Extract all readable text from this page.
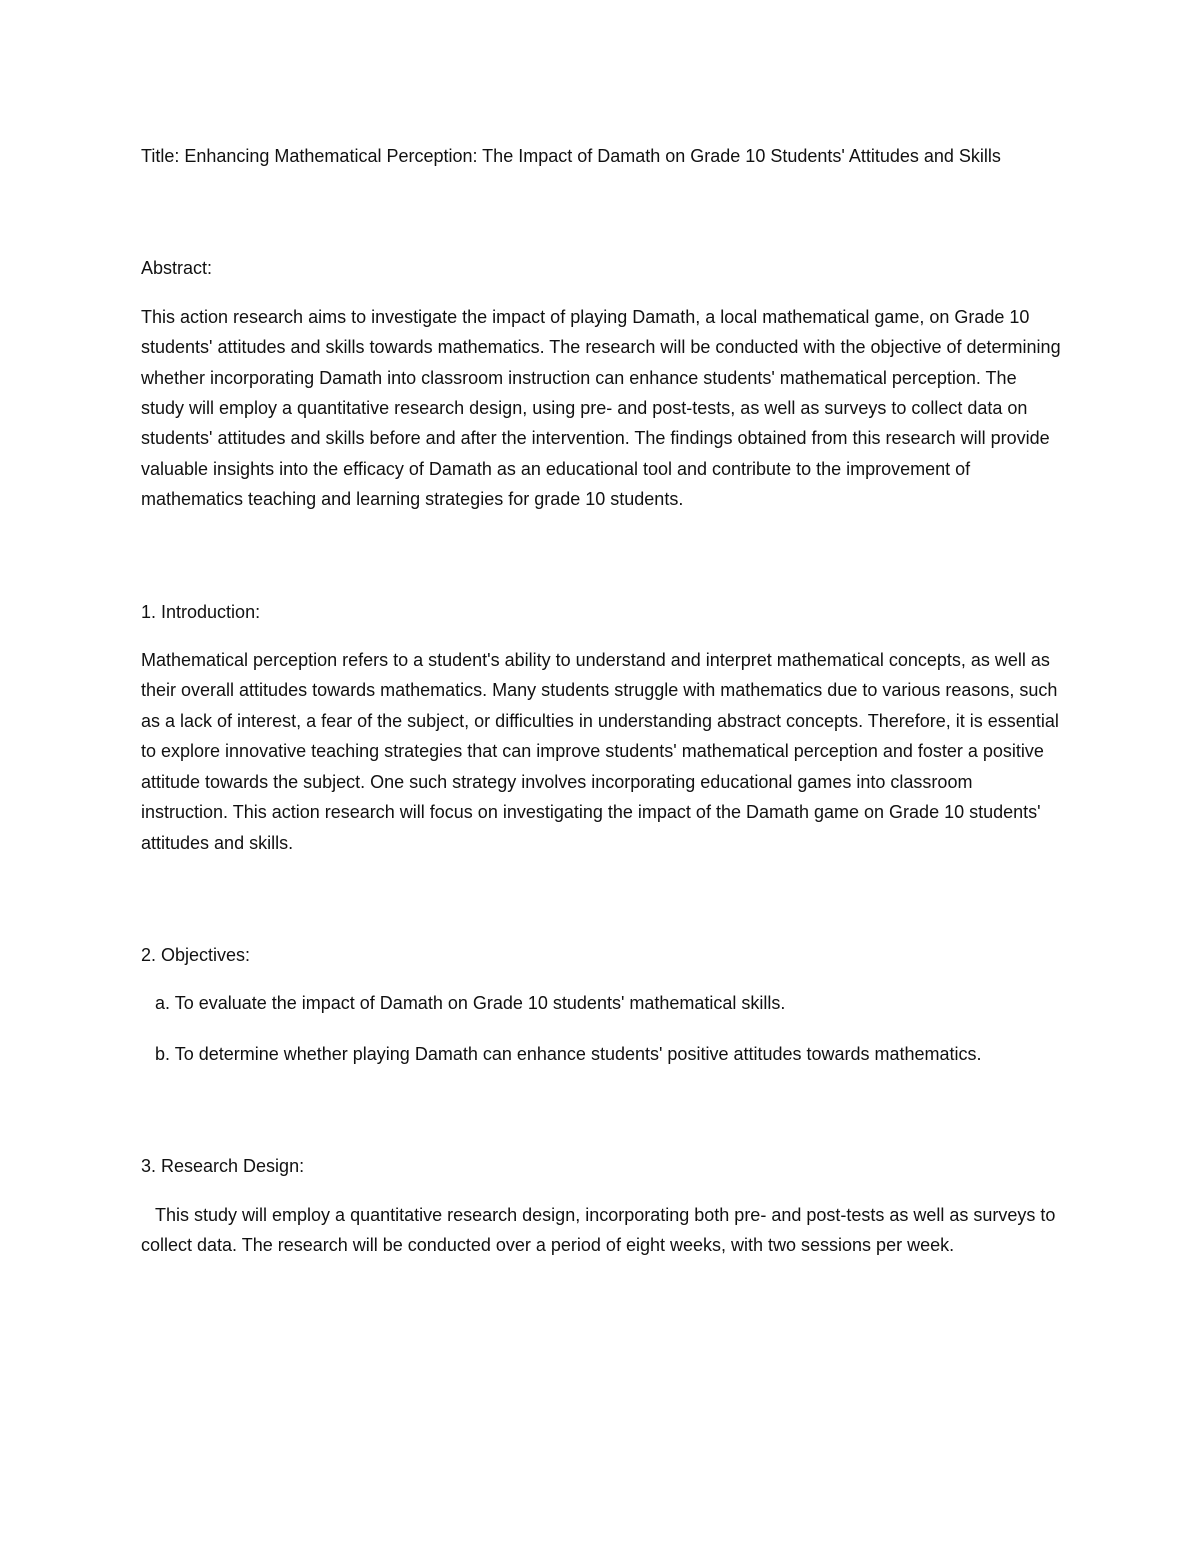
Title: Enhancing Mathematical Perception: The Impact of Damath on Grade 10 Students' Attitudes and Skills

Abstract:

This action research aims to investigate the impact of playing Damath, a local mathematical game, on Grade 10 students' attitudes and skills towards mathematics. The research will be conducted with the objective of determining whether incorporating Damath into classroom instruction can enhance students' mathematical perception. The study will employ a quantitative research design, using pre- and post-tests, as well as surveys to collect data on students' attitudes and skills before and after the intervention. The findings obtained from this research will provide valuable insights into the efficacy of Damath as an educational tool and contribute to the improvement of mathematics teaching and learning strategies for grade 10 students.

1. Introduction:

Mathematical perception refers to a student's ability to understand and interpret mathematical concepts, as well as their overall attitudes towards mathematics. Many students struggle with mathematics due to various reasons, such as a lack of interest, a fear of the subject, or difficulties in understanding abstract concepts. Therefore, it is essential to explore innovative teaching strategies that can improve students' mathematical perception and foster a positive attitude towards the subject. One such strategy involves incorporating educational games into classroom instruction. This action research will focus on investigating the impact of the Damath game on Grade 10 students' attitudes and skills.

2. Objectives:

a. To evaluate the impact of Damath on Grade 10 students' mathematical skills.

b. To determine whether playing Damath can enhance students' positive attitudes towards mathematics.

3. Research Design:

This study will employ a quantitative research design, incorporating both pre- and post-tests as well as surveys to collect data. The research will be conducted over a period of eight weeks, with two sessions per week.
